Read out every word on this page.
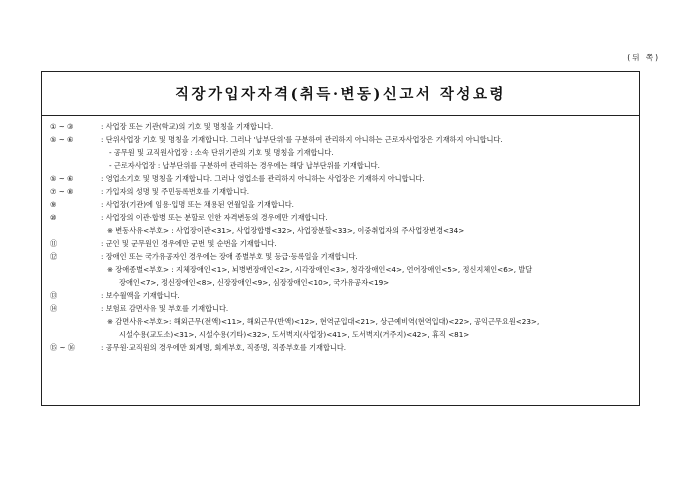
(뒤 쪽)
직장가입자자격(취득·변동)신고서 작성요령
① ~ ③	: 사업장 또는 기관(학교)의 기호 및 명칭을 기재합니다.
⑤ ~ ⑥	: 단위사업장 기호 및 명칭을 기재합니다. 그러나 '납부단위'를 구분하여 관리하지 아니하는 근로자사업장은 기재하지 아니합니다.
- 공무원 및 교직원사업장 : 소속 단위기관의 기호 및 명칭을 기재합니다.
- 근로자사업장 : 납부단위를 구분하여 관리하는 경우에는 해당 납부단위를 기재합니다.
⑤ ~ ⑥	: 영업소기호 및 명칭을 기재합니다. 그러나 영업소를 관리하지 아니하는 사업장은 기재하지 아니합니다.
⑦ ~ ⑧	: 가입자의 성명 및 주민등록번호를 기재합니다.
⑨	: 사업장(기관)에 임용·입명 또는 채용된 연월일을 기재합니다.
⑩	: 사업장의 이관·합병 또는 분할로 인한 자격변동의 경우에만 기재합니다.
※ 변동사유<부호> : 사업장이관<31>, 사업장합병<32>, 사업장분할<33>, 이중취업자의 주사업장변경<34>
⑪	: 군인 및 군무원인 경우에만 군번 및 순번을 기재합니다.
⑫	: 장애인 또는 국가유공자인 경우에는 장애 종별부호 및 등급·등록일을 기재합니다.
※ 장애종별<부호> : 지체장애인<1>, 뇌병변장애인<2>, 시각장애인<3>, 청각장애인<4>, 언어장애인<5>, 정신지체인<6>, 발달
장애인<7>, 정신장애인<8>, 신장장애인<9>, 심장장애인<10>, 국가유공자<19>
⑬	: 보수월액을 기재합니다.
⑭	: 보험료 감면사유 및 부호를 기재합니다.
※ 감면사유<부호>: 해외근무(전액)<11>, 해외근무(반액)<12>, 현역군입대<21>, 상근예비역(현역입대)<22>, 공익근무요원<23>,
시설수용(교도소)<31>, 시설수용(기타)<32>, 도서벽지(사업장)<41>, 도서벽지(거주지)<42>, 휴직 <81>
⑮ ~ ⑯	: 공무원·교직원의 경우에만 회계명, 회계부호, 직종명, 직종부호를 기재합니다.
